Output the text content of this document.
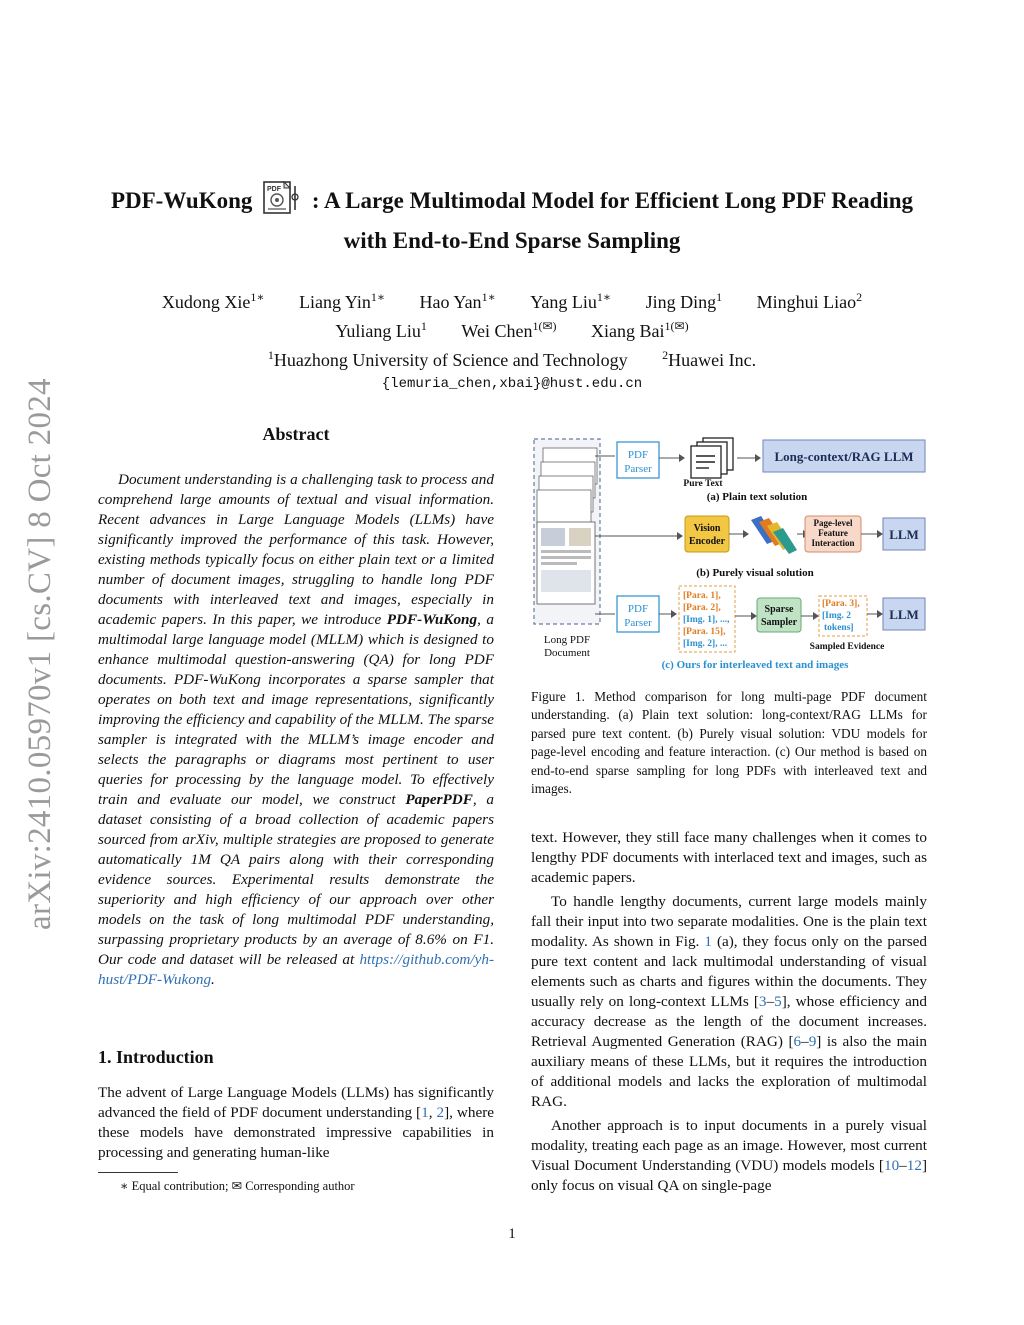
arXiv:2410.05970v1 [cs.CV] 8 Oct 2024
PDF-WuKong PDF : A Large Multimodal Model for Efficient Long PDF Reading
with End-to-End Sparse Sampling
Xudong Xie$^{1∗}$ Liang Yin$^{1∗}$ Hao Yan$^{1∗}$ Yang Liu$^{1∗}$ Jing Ding$^1$ Minghui Liao$^2$
Yuliang Liu$^1$ Wei Chen$^{1(✉)}$ Xiang Bai$^{1(✉)}$
$^1$Huazhong University of Science and Technology	$^2$Huawei Inc.
{lemuria_chen,xbai}@hust.edu.cn
Abstract
Document understanding is a challenging task to process and comprehend large amounts of textual and visual information. Recent advances in Large Language Models (LLMs) have significantly improved the performance of this task. However, existing methods typically focus on either plain text or a limited number of document images, struggling to handle long PDF documents with interleaved text and images, especially in academic papers. In this paper, we introduce PDF-WuKong, a multimodal large language model (MLLM) which is designed to enhance multimodal question-answering (QA) for long PDF documents. PDF-WuKong incorporates a sparse sampler that operates on both text and image representations, significantly improving the efficiency and capability of the MLLM. The sparse sampler is integrated with the MLLM’s image encoder and selects the paragraphs or diagrams most pertinent to user queries for processing by the language model. To effectively train and evaluate our model, we construct PaperPDF, a dataset consisting of a broad collection of academic papers sourced from arXiv, multiple strategies are proposed to generate automatically 1M QA pairs along with their corresponding evidence sources. Experimental results demonstrate the superiority and high efficiency of our approach over other models on the task of long multimodal PDF understanding, surpassing proprietary products by an average of 8.6% on F1. Our code and dataset will be released at https://github.com/yh-hust/PDF-Wukong.
1. Introduction
The advent of Large Language Models (LLMs) has significantly advanced the field of PDF document understanding [1, 2], where these models have demonstrated impressive capabilities in processing and generating human-like
∗ Equal contribution; ✉ Corresponding author
Long PDF
Document
PDF
Parser
Pure Text
Long-context/RAG LLM
(a) Plain text solution
Vision
Encoder
Page-level
Feature
Interaction
LLM
(b) Purely visual solution
PDF
Parser
[Para. 1],
[Para. 2],
[Img. 1], ...,
[Para. 15],
[Img. 2], ...
Sparse
Sampler
[Para. 3],
[Img. 2
tokens]
LLM
Sampled Evidence
(c) Ours for interleaved text and images
Figure 1. Method comparison for long multi-page PDF document understanding. (a) Plain text solution: long-context/RAG LLMs for parsed pure text content. (b) Purely visual solution: VDU models for page-level encoding and feature interaction. (c) Our method is based on end-to-end sparse sampling for long PDFs with interleaved text and images.

text. However, they still face many challenges when it comes to lengthy PDF documents with interlaced text and images, such as academic papers.

To handle lengthy documents, current large models mainly fall their input into two separate modalities. One is the plain text modality. As shown in Fig. 1 (a), they focus only on the parsed pure text content and lack multimodal understanding of visual elements such as charts and figures within the documents. They usually rely on long-context LLMs [3–5], whose efficiency and accuracy decrease as the length of the document increases. Retrieval Augmented Generation (RAG) [6–9] is also the main auxiliary means of these LLMs, but it requires the introduction of additional models and lacks the exploration of multimodal RAG.

Another approach is to input documents in a purely visual modality, treating each page as an image. However, most current Visual Document Understanding (VDU) models models [10–12] only focus on visual QA on single-page

1
